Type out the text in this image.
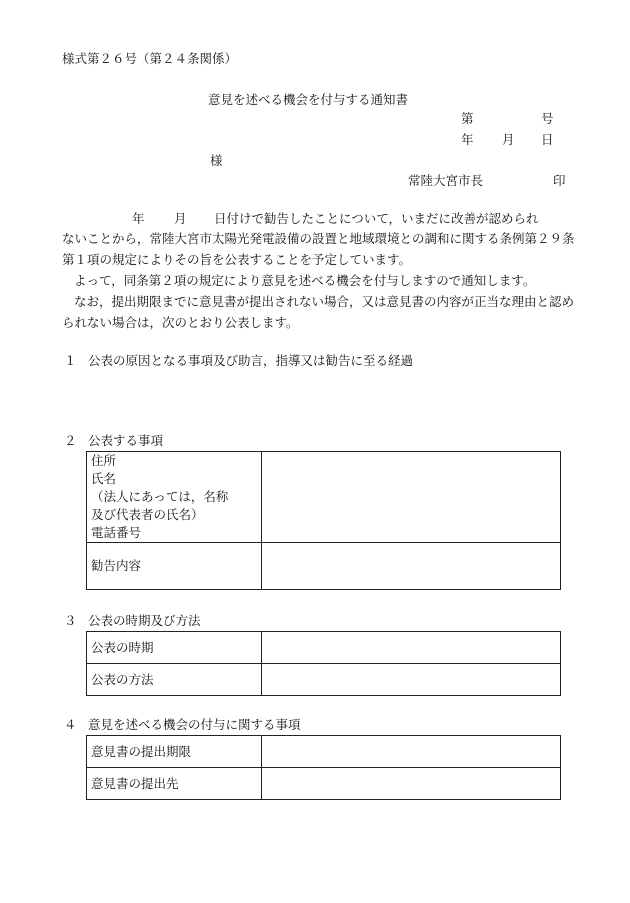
様式第２６号（第２４条関係）
意見を述べる機会を付与する通知書
第	号
年 月 日
様
常陸大宮市長	印
年 月 日付けで勧告したことについて，いまだに改善が認められ
ないことから，常陸大宮市太陽光発電設備の設置と地域環境との調和に関する条例第２９条第１項の規定によりその旨を公表することを予定しています。
よって，同条第２項の規定により意見を述べる機会を付与しますので通知します。
なお，提出期限までに意見書が提出されない場合，又は意見書の内容が正当な理由と認められない場合は，次のとおり公表します。
１ 公表の原因となる事項及び助言，指導又は勧告に至る経過
２ 公表する事項
住所
氏名
（法人にあっては，名称
及び代表者の氏名）
電話番号	

勧告内容	
３ 公表の時期及び方法
公表の時期	
公表の方法	
４ 意見を述べる機会の付与に関する事項
意見書の提出期限	
意見書の提出先	
